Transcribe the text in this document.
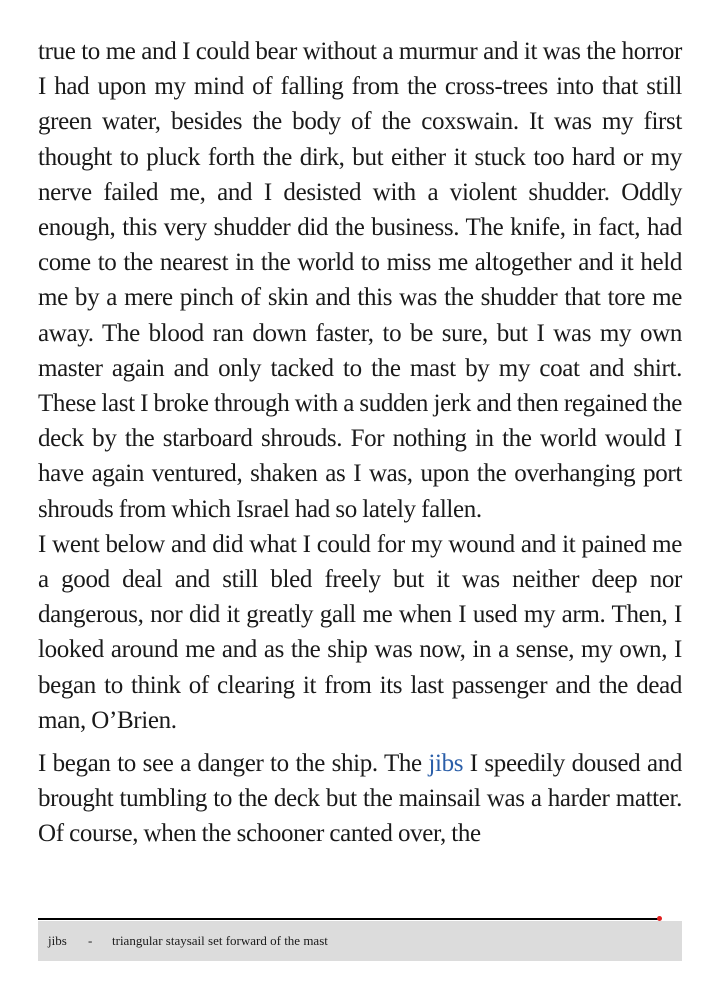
true to me and I could bear without a murmur and it was the horror I had upon my mind of falling from the cross-trees into that still green water, besides the body of the coxswain. It was my first thought to pluck forth the dirk, but either it stuck too hard or my nerve failed me, and I desisted with a violent shudder. Oddly enough, this very shudder did the business. The knife, in fact, had come to the nearest in the world to miss me altogether and it held me by a mere pinch of skin and this was the shudder that tore me away. The blood ran down faster, to be sure, but I was my own master again and only tacked to the mast by my coat and shirt. These last I broke through with a sudden jerk and then regained the deck by the starboard shrouds. For nothing in the world would I have again ventured, shaken as I was, upon the overhanging port shrouds from which Israel had so lately fallen.

I went below and did what I could for my wound and it pained me a good deal and still bled freely but it was neither deep nor dangerous, nor did it greatly gall me when I used my arm. Then, I looked around me and as the ship was now, in a sense, my own, I began to think of clearing it from its last passenger and the dead man, O’Brien.

I began to see a danger to the ship. The jibs I speedily doused and brought tumbling to the deck but the mainsail was a harder matter. Of course, when the schooner canted over, the

jibs	-	triangular staysail set forward of the mast
